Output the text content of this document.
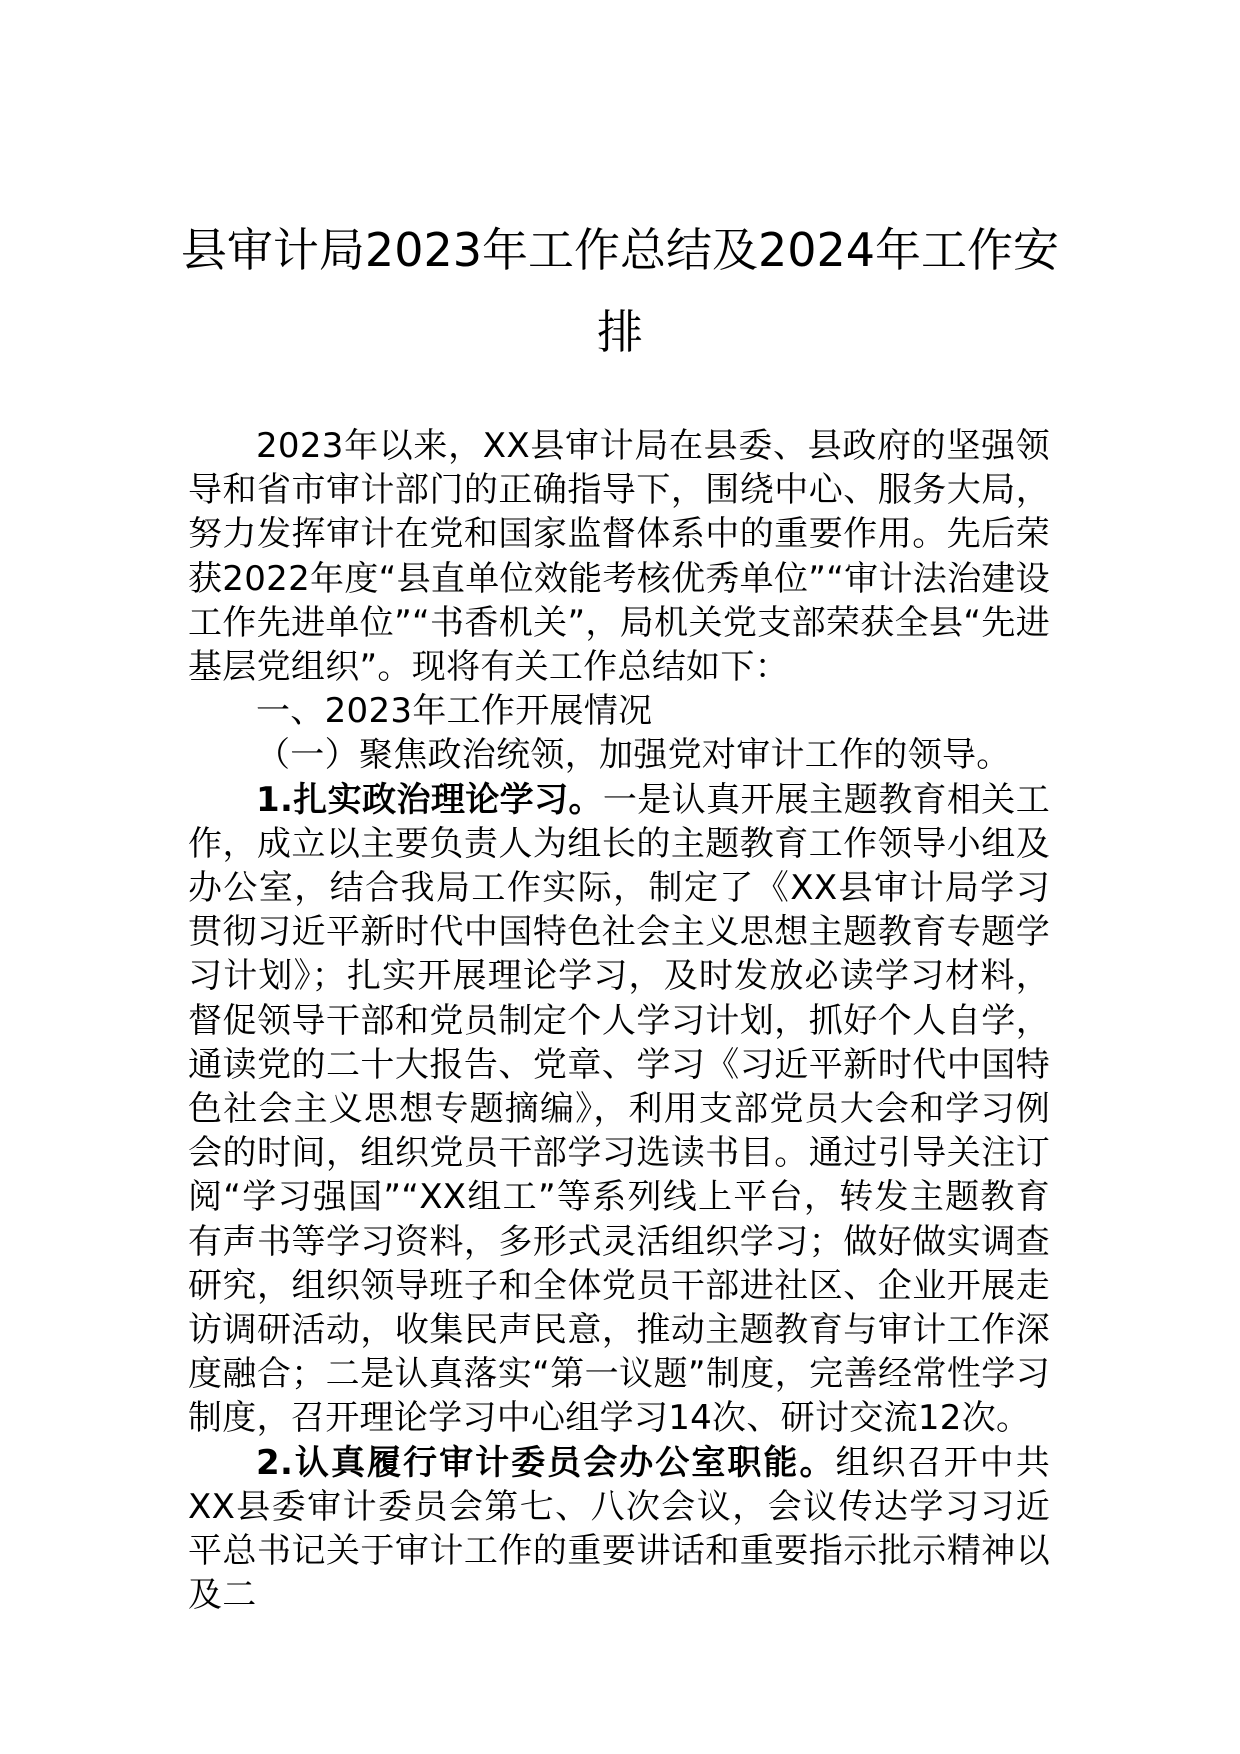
县审计局2023年工作总结及2024年工作安
排

2023年以来，XX县审计局在县委、县政府的坚强领导和省市审计部门的正确指导下，围绕中心、服务大局，努力发挥审计在党和国家监督体系中的重要作用。先后荣获2022年度“县直单位效能考核优秀单位”“审计法治建设工作先进单位”“书香机关”，局机关党支部荣获全县“先进基层党组织”。现将有关工作总结如下：

一、2023年工作开展情况

（一）聚焦政治统领，加强党对审计工作的领导。

1.扎实政治理论学习。一是认真开展主题教育相关工作，成立以主要负责人为组长的主题教育工作领导小组及办公室，结合我局工作实际，制定了《XX县审计局学习贯彻习近平新时代中国特色社会主义思想主题教育专题学习计划》；扎实开展理论学习，及时发放必读学习材料，督促领导干部和党员制定个人学习计划，抓好个人自学，通读党的二十大报告、党章、学习《习近平新时代中国特色社会主义思想专题摘编》，利用支部党员大会和学习例会的时间，组织党员干部学习选读书目。通过引导关注订阅“学习强国”“XX组工”等系列线上平台，转发主题教育有声书等学习资料，多形式灵活组织学习；做好做实调查研究，组织领导班子和全体党员干部进社区、企业开展走访调研活动，收集民声民意，推动主题教育与审计工作深度融合；二是认真落实“第一议题”制度，完善经常性学习制度，召开理论学习中心组学习14次、研讨交流12次。

2.认真履行审计委员会办公室职能。组织召开中共XX县委审计委员会第七、八次会议，会议传达学习习近平总书记关于审计工作的重要讲话和重要指示批示精神以及二
